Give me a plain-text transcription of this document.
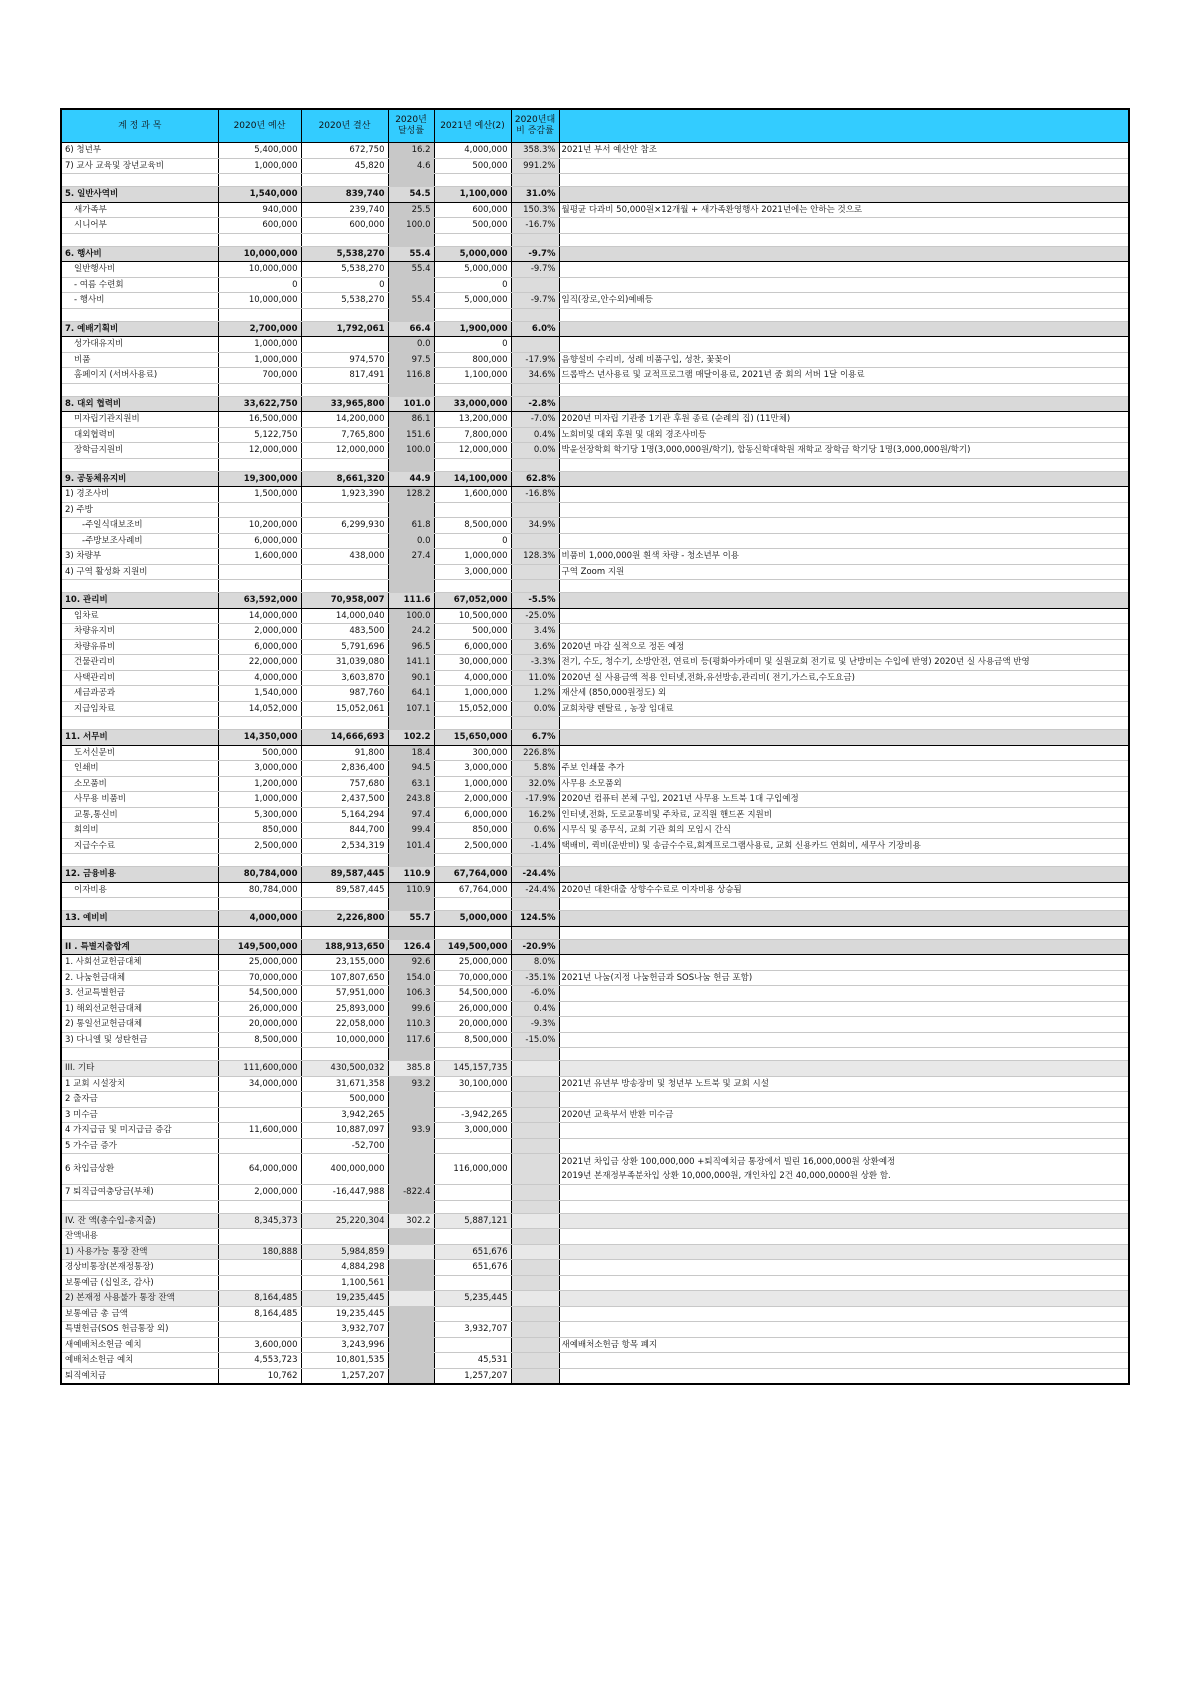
계 정 과 목	2020년 예산	2020년 결산	2020년 달성률	2021년 예산(2)	2020년대비 증감률	
6) 청년부	5,400,000	672,750	16.2	4,000,000	358.3%	2021년 부서 예산안 참조
7) 교사 교육및 장년교육비	1,000,000	45,820	4.6	500,000	991.2%	

5. 일반사역비	1,540,000	839,740	54.5	1,100,000	31.0%	
새가족부	940,000	239,740	25.5	600,000	150.3%	월평균 다과비 50,000원×12개월 + 새가족환영행사 2021년에는 안하는 것으로
시니어부	600,000	600,000	100.0	500,000	-16.7%	

6. 행사비	10,000,000	5,538,270	55.4	5,000,000	-9.7%	
일반행사비	10,000,000	5,538,270	55.4	5,000,000	-9.7%	
- 여름 수련회	0	0		0		
- 행사비	10,000,000	5,538,270	55.4	5,000,000	-9.7%	임직(장로,안수외)예배등

7. 예배기획비	2,700,000	1,792,061	66.4	1,900,000	6.0%	
성가대유지비	1,000,000		0.0	0		
비품	1,000,000	974,570	97.5	800,000	-17.9%	음향설비 수리비, 성례 비품구입, 성찬, 꽃꽂이
홈페이지 (서버사용료)	700,000	817,491	116.8	1,100,000	34.6%	드롭박스 년사용료 및 교적프로그램 매달이용료, 2021년 줌 회의 서버 1달 이용료

8. 대외 협력비	33,622,750	33,965,800	101.0	33,000,000	-2.8%	
미자립기관지원비	16,500,000	14,200,000	86.1	13,200,000	-7.0%	2020년 미자립 기관중 1기관 후원 종료 (순례의 집) (11만체)
대외협력비	5,122,750	7,765,800	151.6	7,800,000	0.4%	노회비및 대외 후원 및 대외 경조사비등
장학금지원비	12,000,000	12,000,000	100.0	12,000,000	0.0%	박윤선장학회 학기당 1명(3,000,000원/학기), 합동신학대학원 재학교 장학금 학기당 1명(3,000,000원/학기)

9. 공동체유지비	19,300,000	8,661,320	44.9	14,100,000	62.8%	
1) 경조사비	1,500,000	1,923,390	128.2	1,600,000	-16.8%	
2) 주방						
-주일식대보조비	10,200,000	6,299,930	61.8	8,500,000	34.9%	
-주방보조사례비	6,000,000		0.0	0		
3) 차량부	1,600,000	438,000	27.4	1,000,000	128.3%	비품비 1,000,000원 흰색 차량 - 청소년부 이용
4) 구역 활성화 지원비				3,000,000		구역 Zoom 지원

10. 관리비	63,592,000	70,958,007	111.6	67,052,000	-5.5%	
임차료	14,000,000	14,000,040	100.0	10,500,000	-25.0%	
차량유지비	2,000,000	483,500	24.2	500,000	3.4%	
차량유류비	6,000,000	5,791,696	96.5	6,000,000	3.6%	2020년 마감 실적으로 정돈 예정
건물관리비	22,000,000	31,039,080	141.1	30,000,000	-3.3%	전기, 수도, 청수기, 소방안전, 연료비 등(평화아카데미 및 실원교회 전기료 및 난방비는 수입에 반영) 2020년 실 사용금액 반영
사택관리비	4,000,000	3,603,870	90.1	4,000,000	11.0%	2020년 실 사용금액 적용 인터넷,전화,유선방송,관리비( 전기,가스료,수도요금)
세금과공과	1,540,000	987,760	64.1	1,000,000	1.2%	재산세 (850,000원정도) 외
지급임차료	14,052,000	15,052,061	107.1	15,052,000	0.0%	교회차량 렌탈료 , 농장 임대료

11. 서무비	14,350,000	14,666,693	102.2	15,650,000	6.7%	
도서신문비	500,000	91,800	18.4	300,000	226.8%	
인쇄비	3,000,000	2,836,400	94.5	3,000,000	5.8%	주보 인쇄물 추가
소모품비	1,200,000	757,680	63.1	1,000,000	32.0%	사무용 소모품외
사무용 비품비	1,000,000	2,437,500	243.8	2,000,000	-17.9%	2020년 컴퓨터 본체 구입, 2021년 사무용 노트북 1대 구입예정
교통,통신비	5,300,000	5,164,294	97.4	6,000,000	16.2%	인터넷,전화, 도로교통비및 주차료, 교직원 핸드폰 지원비
회의비	850,000	844,700	99.4	850,000	0.6%	시무식 및 종무식, 교회 기관 회의 모임시 간식
지급수수료	2,500,000	2,534,319	101.4	2,500,000	-1.4%	택배비, 퀵비(운반비) 및 송금수수료,회계프로그램사용료, 교회 신용카드 연회비, 세무사 기장비용

12. 금융비용	80,784,000	89,587,445	110.9	67,764,000	-24.4%	
이자비용	80,784,000	89,587,445	110.9	67,764,000	-24.4%	2020년 대환대출 상향수수료로 이자비용 상승됨

13. 예비비	4,000,000	2,226,800	55.7	5,000,000	124.5%	

II . 특별지출합계	149,500,000	188,913,650	126.4	149,500,000	-20.9%	
1. 사회선교헌금대체	25,000,000	23,155,000	92.6	25,000,000	8.0%	
2. 나눔헌금대체	70,000,000	107,807,650	154.0	70,000,000	-35.1%	2021년 나눔(지정 나눔헌금과 SOS나눔 헌금 포함)
3. 선교특별헌금	54,500,000	57,951,000	106.3	54,500,000	-6.0%	
1) 해외선교헌금대체	26,000,000	25,893,000	99.6	26,000,000	0.4%	
2) 통일선교헌금대체	20,000,000	22,058,000	110.3	20,000,000	-9.3%	
3) 다니엘 및 성탄헌금	8,500,000	10,000,000	117.6	8,500,000	-15.0%	

III. 기타	111,600,000	430,500,032	385.8	145,157,735		
1 교회 시설장치	34,000,000	31,671,358	93.2	30,100,000		2021년 유년부 방송장비 및 청년부 노트북 및 교회 시설
2 출자금		500,000				
3 미수금		3,942,265		-3,942,265		2020년 교육부서 반환 미수금
4 가지급금 및 미지급금 증감	11,600,000	10,887,097	93.9	3,000,000		
5 가수금 증가		-52,700				
6 차입금상환	64,000,000	400,000,000		116,000,000		2021년 차입금 상환 100,000,000 +퇴직예치금 통장에서 빌린 16,000,000원 상환예정
2019년 본재정부족분차입 상환 10,000,000원, 개인차입 2건 40,000,0000원 상환 함.
7 퇴직급여충당금(부채)	2,000,000	-16,447,988	-822.4			

IV. 잔 액(총수입-총지출)	8,345,373	25,220,304	302.2	5,887,121		
잔액내용						
1) 사용가능 통장 잔액	180,888	5,984,859		651,676		
경상비통장(본재정통장)		4,884,298		651,676		
보통예금 (십일조, 감사)		1,100,561				
2) 본재정 사용불가 통장 잔액	8,164,485	19,235,445		5,235,445		
보통예금 총 금액	8,164,485	19,235,445				
특별헌금(SOS 헌금통장 외)		3,932,707		3,932,707		
새예배처소헌금 예치	3,600,000	3,243,996				새예배처소헌금 항목 폐지
예배처소헌금 예치	4,553,723	10,801,535		45,531		
퇴직예치금	10,762	1,257,207		1,257,207		
